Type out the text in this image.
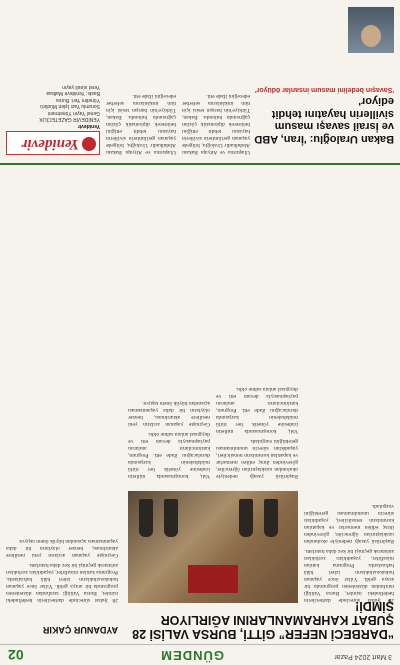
3 Mart 2024 Pazar
GÜNDEM
02
“DARBECİ NEFER” GİTTİ, BURSA VALİSİ 28 ŞUBAT KAHRAMANLARINI AĞIRLIYOR ŞİMDİ!
AYDANUR ÇAKIR

28 Şubat sürecinde darbecilerin hedefindeki isimler, Bursa Valiliği tarafından düzenlenen programda bir araya geldi. Yıllar önce yaşanan hukuksuzlukların izleri hâlâ hafızalarda. Programa katılan misafirler, yaşadıkları zorlukları anlatarak geçmişi bir kez daha hatırlattı.

Başörtüsü yasağı nedeniyle okulundan uzaklaştırılan öğrenciler, görevinden ihraç edilen memurlar ve kapatılan kurumların temsilcileri, yaşadıkları sürecin unutulmaması gerektiğini vurguladı.

Başörtüsü yasağı nedeniyle okulundan uzaklaştırılan öğrenciler, görevinden ihraç edilen memurlar ve kapatılan kurumların temsilcileri, yaşadıkları sürecin unutulmaması gerektiğini vurguladı.

Vali, konuşmasında milletin iradesine yönelik her türlü müdahalenin karşısında durulacağını ifade etti. Program, katılımcıların anılarını paylaşmasıyla devam etti ve duygusal anlara sahne oldu.

Vali, konuşmasında milletin iradesine yönelik her türlü müdahalenin karşısında durulacağını ifade etti. Program, katılımcıların anılarını paylaşmasıyla devam etti ve duygusal anlara sahne oldu.

Geçmişte yaşanan acıların yeni nesillere aktarılması, benzer olayların bir daha yaşanmaması açısından büyük önem taşıyor.

28 Şubat sürecinde darbecilerin hedefindeki isimler, Bursa Valiliği tarafından düzenlenen programda bir araya geldi. Yıllar önce yaşanan hukuksuzlukların izleri hâlâ hafızalarda. Programa katılan misafirler, yaşadıkları zorlukları anlatarak geçmişi bir kez daha hatırlattı.

Geçmişte yaşanan acıların yeni nesillere aktarılması, benzer olayların bir daha yaşanmaması açısından büyük önem taşıyor.

Bakan Uraloğlu: 'İran, ABD ve İsrail savaşı masum sivillerin hayatını tehdit ediyor'
'Savaşın bedelini masum insanlar ödüyor'

Ulaştırma ve Altyapı Bakanı Abdulkadir Uraloğlu, bölgede yaşanan gerilimlerin sivillerin hayatını tehdit ettiğini belirterek diplomatik çözüm çağrısında bulundu. Bakan, Türkiye'nin barışın tesisi için tüm imkânlarını seferber edeceğini ifade etti.

Ulaştırma ve Altyapı Bakanı Abdulkadir Uraloğlu, bölgede yaşanan gerilimlerin sivillerin hayatını tehdit ettiğini belirterek diplomatik çözüm çağrısında bulundu. Bakan, Türkiye'nin barışın tesisi için tüm imkânlarını seferber edeceğini ifade etti.

Yenidevir
Yenidevir
YENİDEVİR GAZETECİLİK
Genel Yayın Yönetmeni
Sorumlu Yazı İşleri Müdürü
Yönetim Yeri: Bursa
Baskı: Yenidevir Matbaa
Yerel süreli yayın
